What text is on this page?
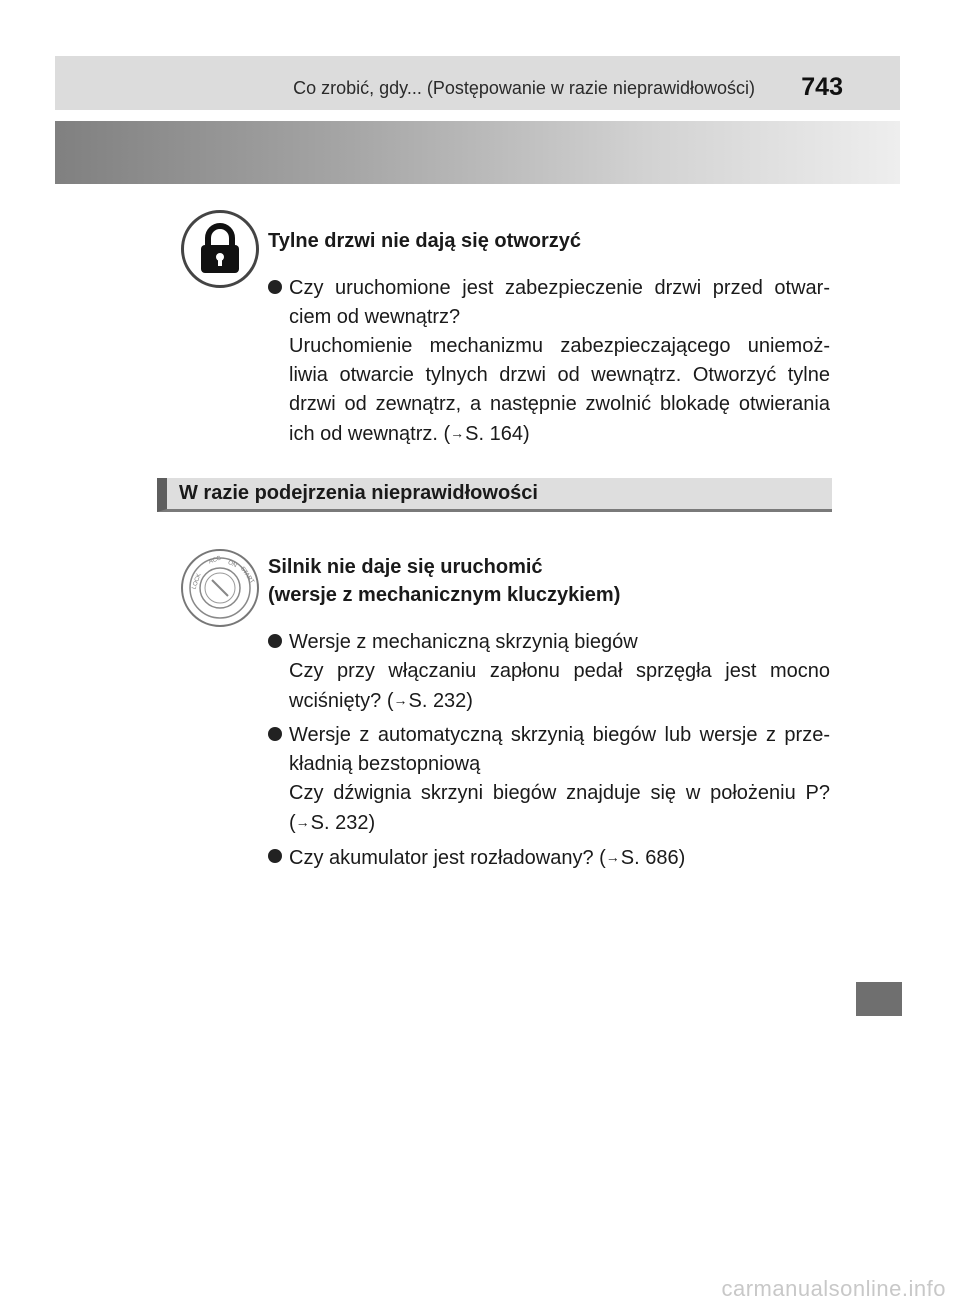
Co zrobić, gdy... (Postępowanie w razie nieprawidłowości) 743
Tylne drzwi nie dają się otworzyć
Czy uruchomione jest zabezpieczenie drzwi przed otwar-ciem od wewnątrz?
Uruchomienie mechanizmu zabezpieczającego uniemoż-liwia otwarcie tylnych drzwi od wewnątrz. Otworzyć tylne drzwi od zewnątrz, a następnie zwolnić blokadę otwierania ich od wewnątrz. (→S. 164)
W razie podejrzenia nieprawidłowości
LOCK
ACC ON
START Silnik nie daje się uruchomić
(wersje z mechanicznym kluczykiem)
Wersje z mechaniczną skrzynią biegów
Czy przy włączaniu zapłonu pedał sprzęgła jest mocno wciśnięty? (→S. 232)
Wersje z automatyczną skrzynią biegów lub wersje z prze-kładnią bezstopniową
Czy dźwignia skrzyni biegów znajduje się w położeniu P? (→S. 232)
Czy akumulator jest rozładowany? (→S. 686)
carmanualsonline.info
